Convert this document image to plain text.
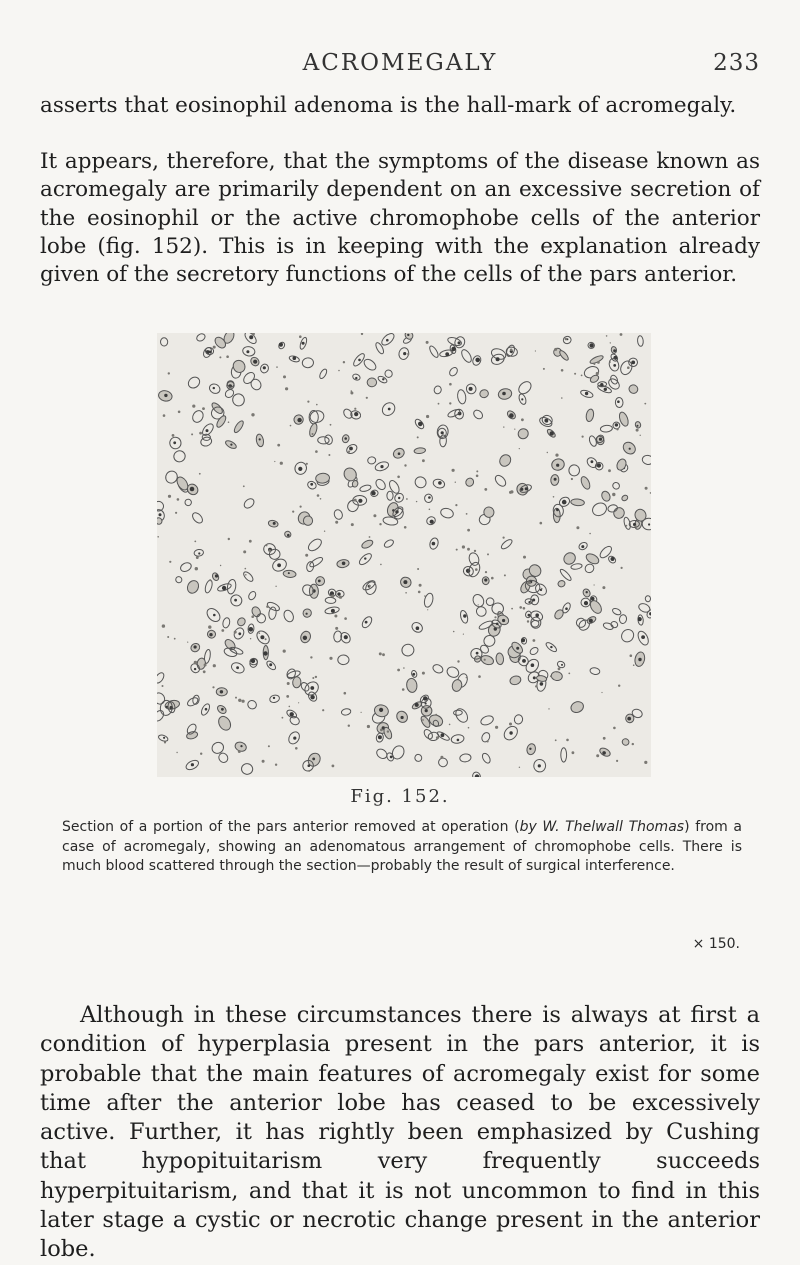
ACROMEGALY	233

asserts that eosinophil adenoma is the hall-mark of acromegaly.

It appears, therefore, that the symptoms of the disease known as acromegaly are primarily dependent on an excessive secretion of the eosinophil or the active chromophobe cells of the anterior lobe (fig. 152). This is in keeping with the explanation already given of the secretory functions of the cells of the pars anterior.

Fig. 152.

Section of a portion of the pars anterior removed at operation (by W. Thelwall Thomas) from a case of acromegaly, showing an adenomatous arrangement of chromophobe cells. There is much blood scattered through the section—probably the result of surgical interference.

× 150.

Although in these circumstances there is always at first a condition of hyperplasia present in the pars anterior, it is probable that the main features of acromegaly exist for some time after the anterior lobe has ceased to be excessively active. Further, it has rightly been emphasized by Cushing that hypopituitarism very frequently succeeds hyperpituitarism, and that it is not uncommon to find in this later stage a cystic or necrotic change present in the anterior lobe.
